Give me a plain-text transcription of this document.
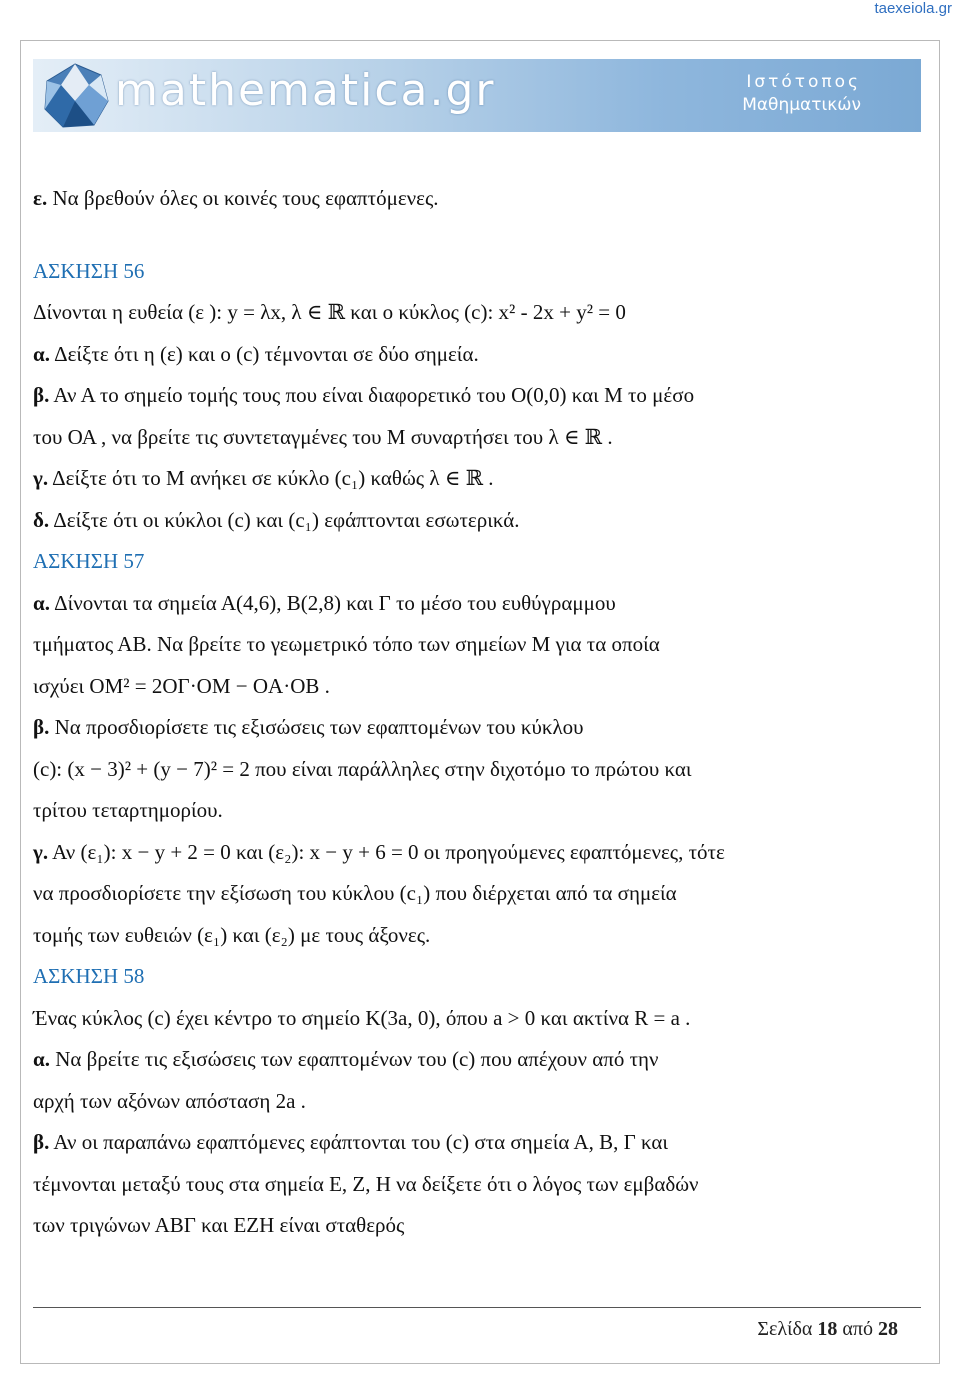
taexeiola.gr
mathematica.gr	Ιστότοπος
Μαθηματικών
ε. Να βρεθούν όλες οι κοινές τους εφαπτόμενες.
ΑΣΚΗΣΗ 56
Δίνονται η ευθεία (ε ): y = λx, λ ∈ ℝ και ο κύκλος (c): x² - 2x + y² = 0
α. Δείξτε ότι η (ε) και ο (c) τέμνονται σε δύο σημεία.
β. Αν Α το σημείο τομής τους που είναι διαφορετικό του O(0,0) και Μ το μέσο
του ΟΑ , να βρείτε τις συντεταγμένες του Μ συναρτήσει του λ ∈ ℝ .
γ. Δείξτε ότι το Μ ανήκει σε κύκλο (c₁) καθώς λ ∈ ℝ .
δ. Δείξτε ότι οι κύκλοι (c) και (c₁) εφάπτονται εσωτερικά.
ΑΣΚΗΣΗ 57
α. Δίνονται τα σημεία Α(4,6), Β(2,8) και Γ το μέσο του ευθύγραμμου
τμήματος ΑΒ. Να βρείτε το γεωμετρικό τόπο των σημείων Μ για τα οποία
ισχύει OM² = 2OΓ·OM − OA·OB .
β. Να προσδιορίσετε τις εξισώσεις των εφαπτομένων του κύκλου
(c): (x − 3)² + (y − 7)² = 2 που είναι παράλληλες στην διχοτόμο το πρώτου και
τρίτου τεταρτημορίου.
γ. Αν (ε₁): x − y + 2 = 0 και (ε₂): x − y + 6 = 0 οι προηγούμενες εφαπτόμενες, τότε
να προσδιορίσετε την εξίσωση του κύκλου (c₁) που διέρχεται από τα σημεία
τομής των ευθειών (ε₁) και (ε₂) με τους άξονες.
ΑΣΚΗΣΗ 58
Ένας κύκλος (c) έχει κέντρο το σημείο Κ(3a, 0), όπου a > 0 και ακτίνα R = a .
α. Να βρείτε τις εξισώσεις των εφαπτομένων του (c) που απέχουν από την
αρχή των αξόνων απόσταση 2a .
β. Αν οι παραπάνω εφαπτόμενες εφάπτονται του (c) στα σημεία Α, Β, Γ και
τέμνονται μεταξύ τους στα σημεία Ε, Ζ, Η να δείξετε ότι ο λόγος των εμβαδών
των τριγώνων ΑΒΓ και ΕΖΗ είναι σταθερός
Σελίδα 18 από 28
